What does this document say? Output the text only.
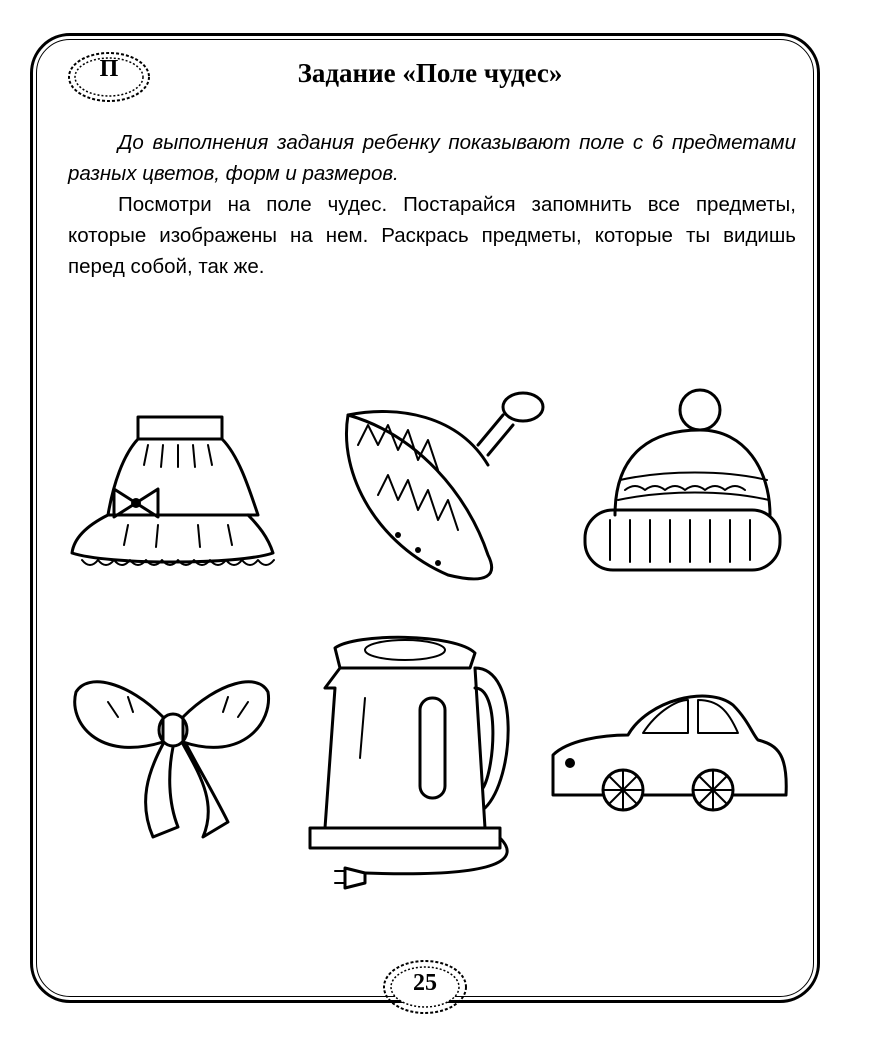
П	Задание «Поле чудес»

До выполнения задания ребенку показывают поле с 6 предметами разных цветов, форм и размеров.

Посмотри на поле чудес. Постарайся запомнить все предметы, которые изображены на нем. Раскрась предметы, которые ты видишь перед собой, так же.

25
